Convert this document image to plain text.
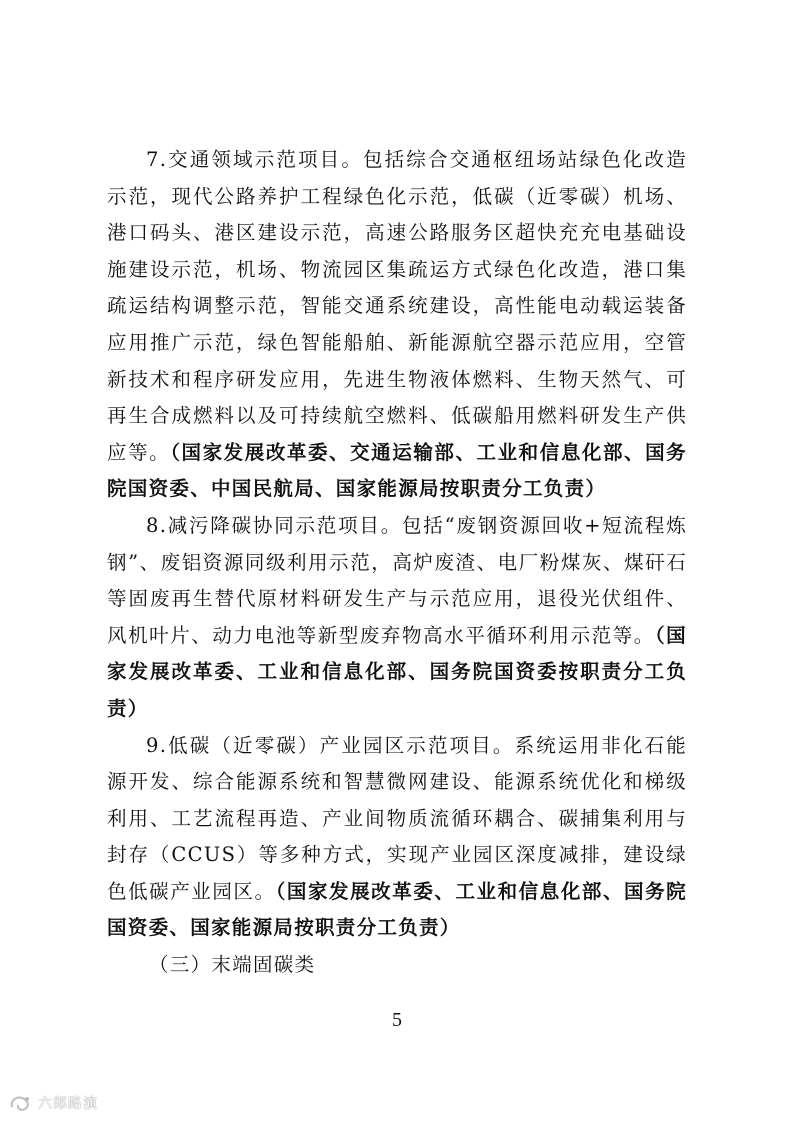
7.交通领域示范项目。包括综合交通枢纽场站绿色化改造示范，现代公路养护工程绿色化示范，低碳（近零碳）机场、港口码头、港区建设示范，高速公路服务区超快充充电基础设施建设示范，机场、物流园区集疏运方式绿色化改造，港口集疏运结构调整示范，智能交通系统建设，高性能电动载运装备应用推广示范，绿色智能船舶、新能源航空器示范应用，空管新技术和程序研发应用，先进生物液体燃料、生物天然气、可再生合成燃料以及可持续航空燃料、低碳船用燃料研发生产供应等。（国家发展改革委、交通运输部、工业和信息化部、国务院国资委、中国民航局、国家能源局按职责分工负责）

8.减污降碳协同示范项目。包括“废钢资源回收+短流程炼钢”、废铝资源同级利用示范，高炉废渣、电厂粉煤灰、煤矸石等固废再生替代原材料研发生产与示范应用，退役光伏组件、风机叶片、动力电池等新型废弃物高水平循环利用示范等。（国家发展改革委、工业和信息化部、国务院国资委按职责分工负责）

9.低碳（近零碳）产业园区示范项目。系统运用非化石能源开发、综合能源系统和智慧微网建设、能源系统优化和梯级利用、工艺流程再造、产业间物质流循环耦合、碳捕集利用与封存（CCUS）等多种方式，实现产业园区深度减排，建设绿色低碳产业园区。（国家发展改革委、工业和信息化部、国务院国资委、国家能源局按职责分工负责）

（三）末端固碳类

5
六郎路演
